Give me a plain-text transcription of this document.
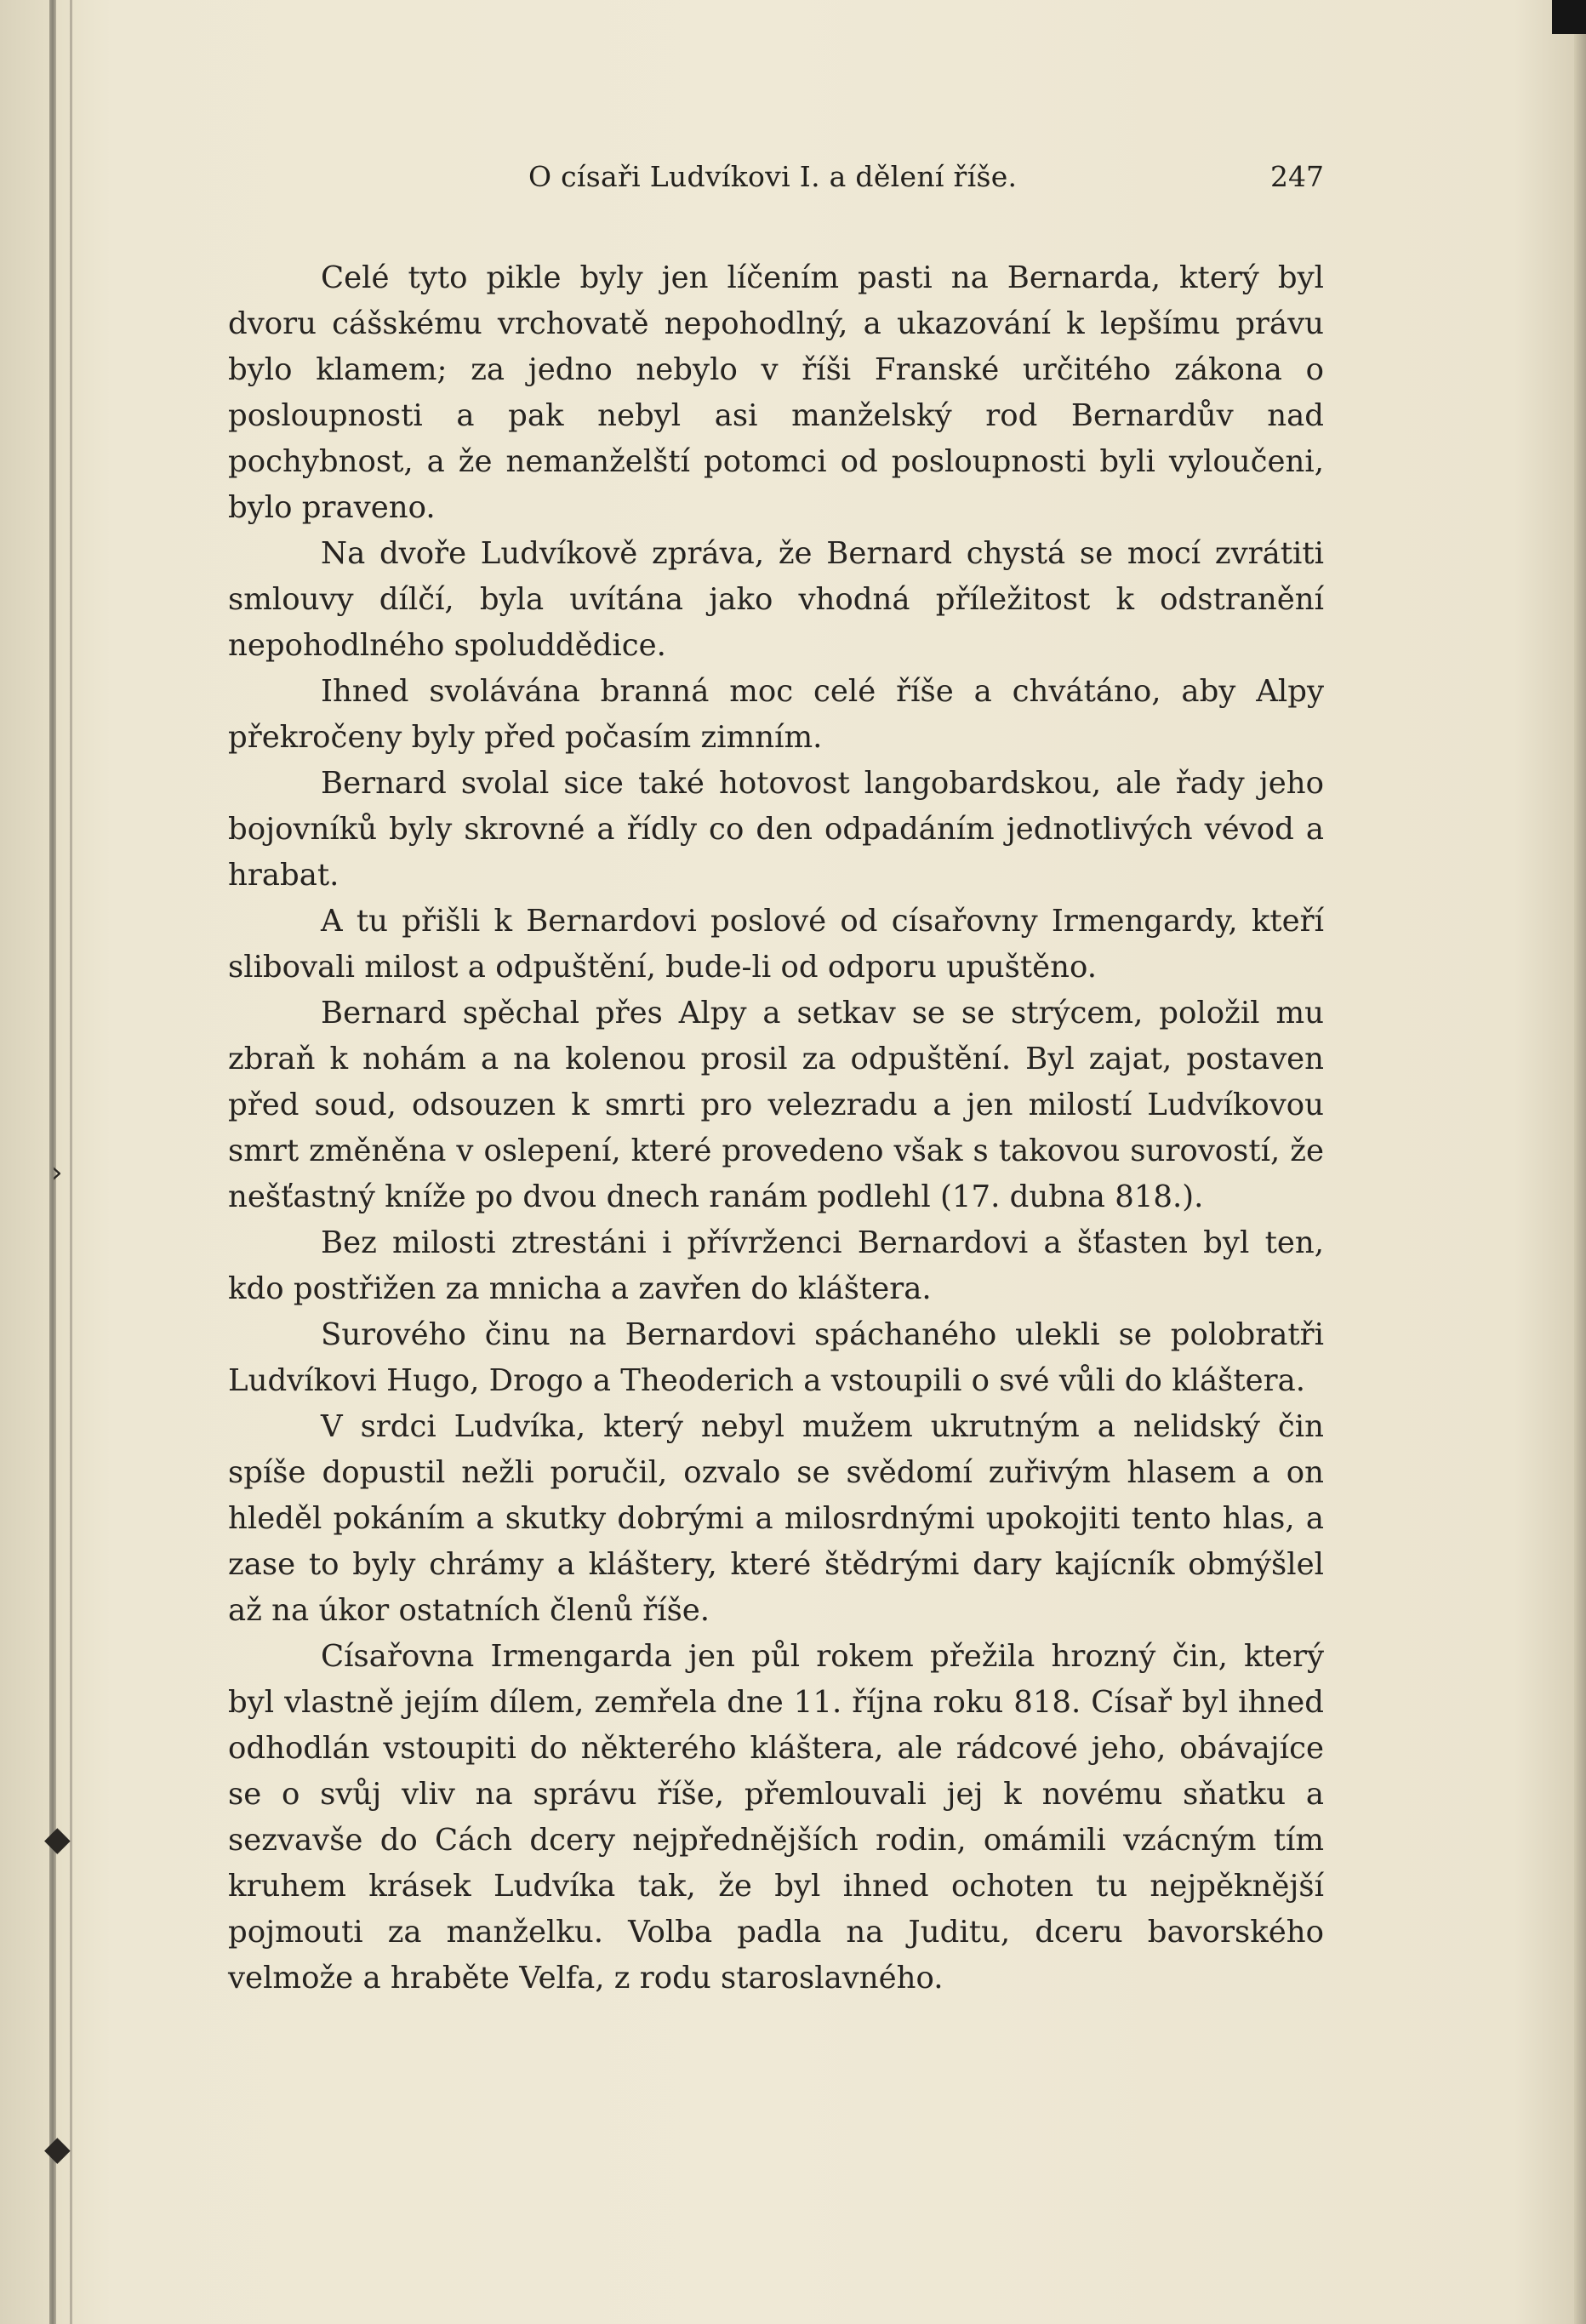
›
◆
◆
O císaři Ludvíkovi I. a dělení říše.	247

Celé tyto pikle byly jen líčením pasti na Bernarda, který byl dvoru cášskému vrchovatě nepohodlný, a ukazování k lepšímu právu bylo klamem; za jedno nebylo v říši Franské určitého zákona o posloupnosti a pak nebyl asi manželský rod Bernardův nad pochybnost, a že nemanželští potomci od posloupnosti byli vyloučeni, bylo praveno.

Na dvoře Ludvíkově zpráva, že Bernard chystá se mocí zvrátiti smlouvy dílčí, byla uvítána jako vhodná příležitost k odstranění nepohodlného spoluddědice.

Ihned svolávána branná moc celé říše a chvátáno, aby Alpy překročeny byly před počasím zimním.

Bernard svolal sice také hotovost langobardskou, ale řady jeho bojovníků byly skrovné a řídly co den odpadáním jednotlivých vévod a hrabat.

A tu přišli k Bernardovi poslové od císařovny Irmengardy, kteří slibovali milost a odpuštění, bude-li od odporu upuštěno.

Bernard spěchal přes Alpy a setkav se se strýcem, položil mu zbraň k nohám a na kolenou prosil za odpuštění. Byl zajat, postaven před soud, odsouzen k smrti pro velezradu a jen milostí Ludvíkovou smrt změněna v oslepení, které provedeno však s takovou surovostí, že nešťastný kníže po dvou dnech ranám podlehl (17. dubna 818.).

Bez milosti ztrestáni i přívrženci Bernardovi a šťasten byl ten, kdo postřižen za mnicha a zavřen do kláštera.

Surového činu na Bernardovi spáchaného ulekli se polobratři Ludvíkovi Hugo, Drogo a Theoderich a vstoupili o své vůli do kláštera.

V srdci Ludvíka, který nebyl mužem ukrutným a nelidský čin spíše dopustil nežli poručil, ozvalo se svědomí zuřivým hlasem a on hleděl pokáním a skutky dobrými a milosrdnými upokojiti tento hlas, a zase to byly chrámy a kláštery, které štědrými dary kajícník obmýšlel až na úkor ostatních členů říše.

Císařovna Irmengarda jen půl rokem přežila hrozný čin, který byl vlastně jejím dílem, zemřela dne 11. října roku 818. Císař byl ihned odhodlán vstoupiti do některého kláštera, ale rádcové jeho, obávajíce se o svůj vliv na správu říše, přemlouvali jej k novému sňatku a sezvavše do Cách dcery nejpřednějších rodin, omámili vzácným tím kruhem krásek Ludvíka tak, že byl ihned ochoten tu nejpěknější pojmouti za manželku. Volba padla na Juditu, dceru bavorského velmože a hraběte Velfa, z rodu staroslavného.
